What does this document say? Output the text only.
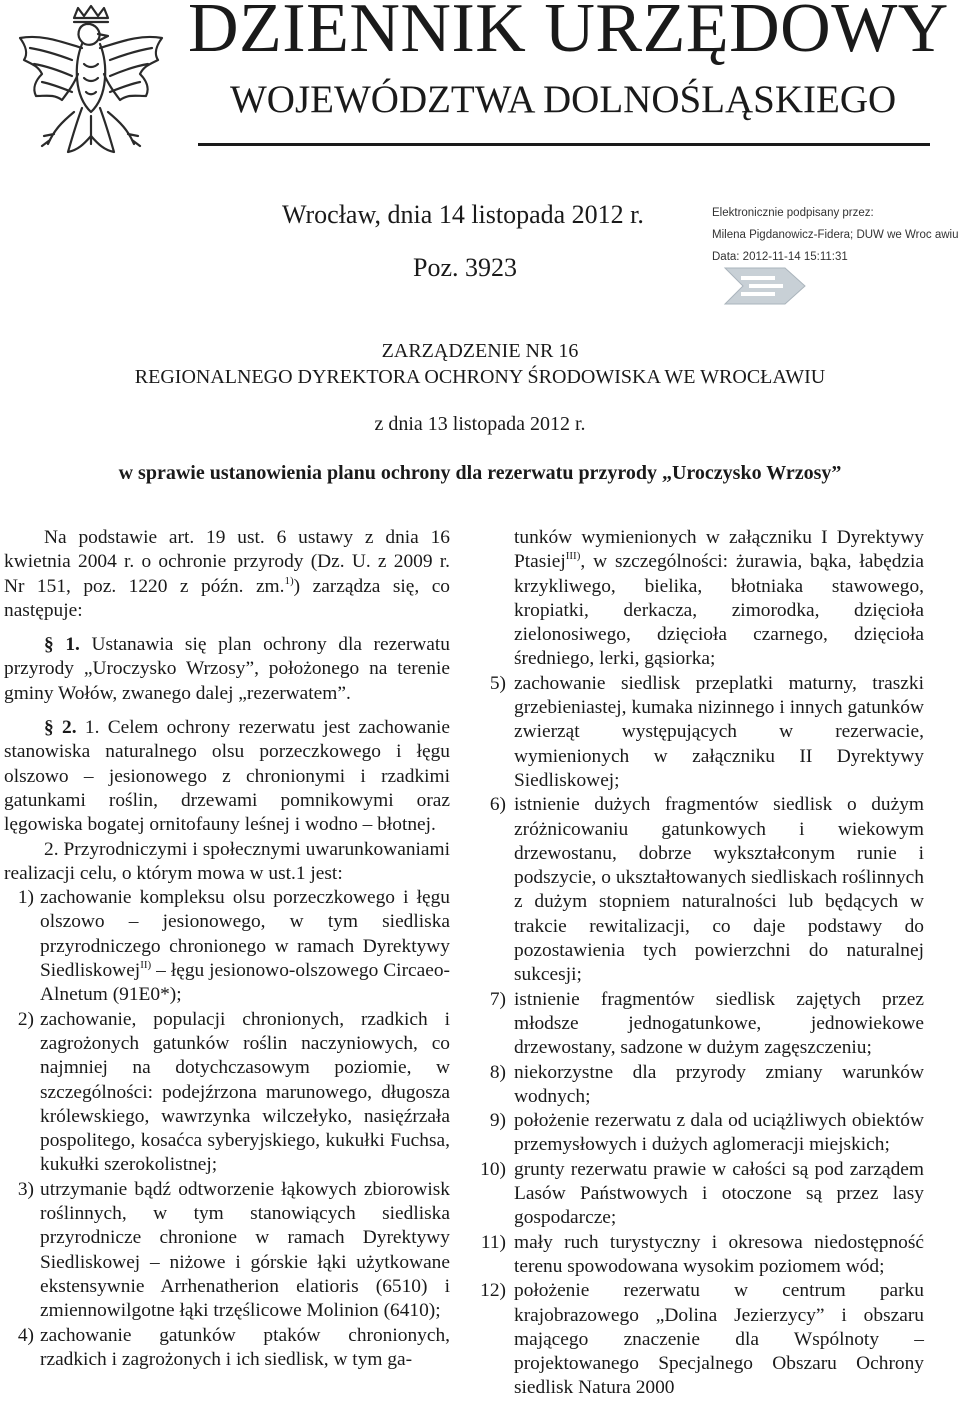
DZIENNIK URZĘDOWY
WOJEWÓDZTWA DOLNOŚLĄSKIEGO
Wrocław, dnia 14 listopada 2012 r.
Poz. 3923
Elektronicznie podpisany przez:
Milena Pigdanowicz-Fidera; DUW we Wroc awiu
Data: 2012-11-14 15:11:31
ZARZĄDZENIE NR 16
REGIONALNEGO DYREKTORA OCHRONY ŚRODOWISKA WE WROCŁAWIU
z dnia 13 listopada 2012 r.
w sprawie ustanowienia planu ochrony dla rezerwatu przyrody „Uroczysko Wrzosy”

Na podstawie art. 19 ust. 6 ustawy z dnia 16 kwietnia 2004 r. o ochronie przyrody (Dz. U. z 2009 r. Nr 151, poz. 1220 z późn. zm.$^{1)}$) zarządza się, co następuje:

§ 1. Ustanawia się plan ochrony dla rezerwatu przyrody „Uroczysko Wrzosy”, położonego na terenie gminy Wołów, zwanego dalej „rezerwatem”.

§ 2. 1. Celem ochrony rezerwatu jest zachowanie stanowiska naturalnego olsu porzeczkowego i łęgu olszowo – jesionowego z chronionymi i rzadkimi gatunkami roślin, drzewami pomnikowymi oraz lęgowiska bogatej ornitofauny leśnej i wodno – błotnej.

2. Przyrodniczymi i społecznymi uwarunkowaniami realizacji celu, o którym mowa w ust.1 jest:

1) zachowanie kompleksu olsu porzeczkowego i łęgu olszowo – jesionowego, w tym siedliska przyrodniczego chronionego w ramach Dyrektywy Siedliskowej$^{II)}$ – łęgu jesionowo-olszowego Circaeo-Alnetum (91E0*);

2) zachowanie, populacji chronionych, rzadkich i zagrożonych gatunków roślin naczyniowych, co najmniej na dotychczasowym poziomie, w szczególności: podejźrzona marunowego, długosza królewskiego, wawrzynka wilczełyko, nasięźrzała pospolitego, kosaćca syberyjskiego, kukułki Fuchsa, kukułki szerokolistnej;

3) utrzymanie bądź odtworzenie łąkowych zbiorowisk roślinnych, w tym stanowiących siedliska przyrodnicze chronione w ramach Dyrektywy Siedliskowej – niżowe i górskie łąki użytkowane ekstensywnie Arrhenatherion elatioris (6510) i zmiennowilgotne łąki trzęślicowe Molinion (6410);

4) zachowanie gatunków ptaków chronionych, rzadkich i zagrożonych i ich siedlisk, w tym ga-

tunków wymienionych w załączniku I Dyrektywy Ptasiej$^{III)}$, w szczególności: żurawia, bąka, łabędzia krzykliwego, bielika, błotniaka stawowego, kropiatki, derkacza, zimorodka, dzięcioła zielonosiwego, dzięcioła czarnego, dzięcioła średniego, lerki, gąsiorka;

5) zachowanie siedlisk przeplatki maturny, traszki grzebieniastej, kumaka nizinnego i innych gatunków zwierząt występujących w rezerwacie, wymienionych w załączniku II Dyrektywy Siedliskowej;

6) istnienie dużych fragmentów siedlisk o dużym zróżnicowaniu gatunkowych i wiekowym drzewostanu, dobrze wykształconym runie i podszycie, o ukształtowanych siedliskach roślinnych z dużym stopniem naturalności lub będących w trakcie rewitalizacji, co daje podstawy do pozostawienia tych powierzchni do naturalnej sukcesji;

7) istnienie fragmentów siedlisk zajętych przez młodsze jednogatunkowe, jednowiekowe drzewostany, sadzone w dużym zagęszczeniu;

8) niekorzystne dla przyrody zmiany warunków wodnych;

9) położenie rezerwatu z dala od uciążliwych obiektów przemysłowych i dużych aglomeracji miejskich;

10) grunty rezerwatu prawie w całości są pod zarządem Lasów Państwowych i otoczone są przez lasy gospodarcze;

11) mały ruch turystyczny i okresowa niedostępność terenu spowodowana wysokim poziomem wód;

12) położenie rezerwatu w centrum parku krajobrazowego „Dolina Jezierzycy” i obszaru mającego znaczenie dla Wspólnoty – projektowanego Specjalnego Obszaru Ochrony siedlisk Natura 2000
